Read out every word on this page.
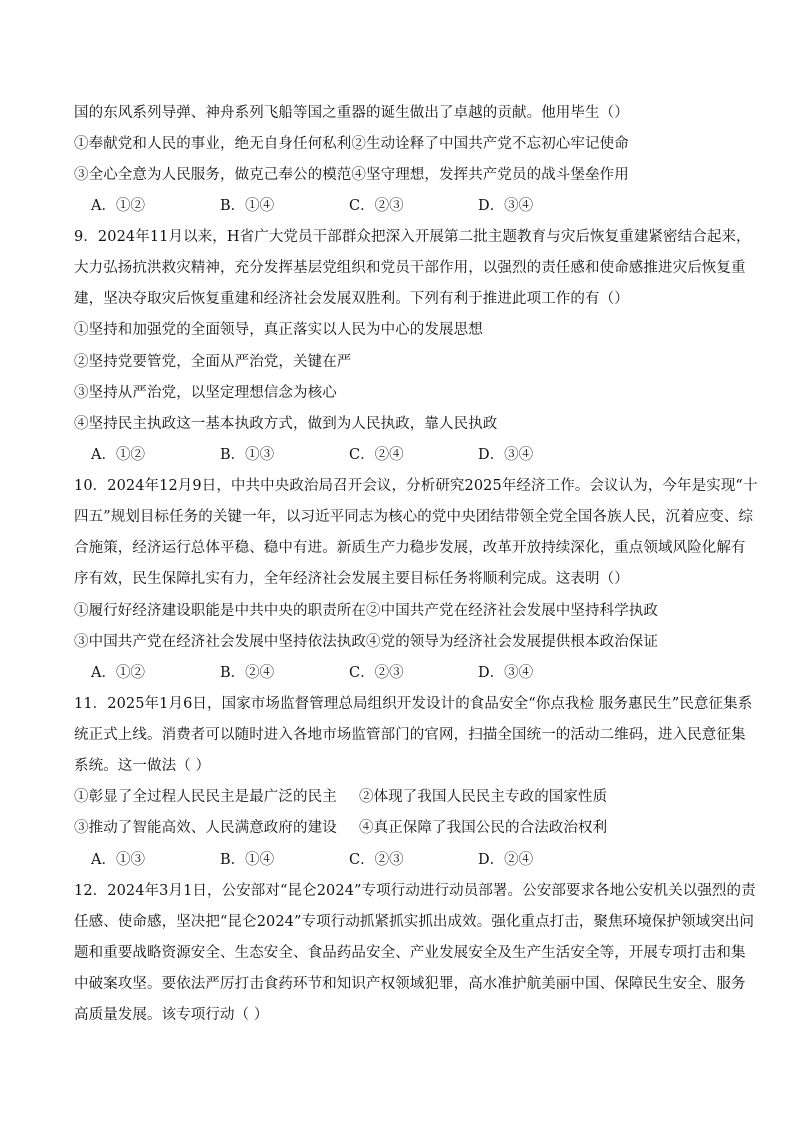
国的东风系列导弹、神舟系列飞船等国之重器的诞生做出了卓越的贡献。他用毕生（）
①奉献党和人民的事业，绝无自身任何私利②生动诠释了中国共产党不忘初心牢记使命
③全心全意为人民服务，做克己奉公的模范④坚守理想，发挥共产党员的战斗堡垒作用
A．①②	B．①④	C．②③	D．③④
9．2024年11月以来，H省广大党员干部群众把深入开展第二批主题教育与灾后恢复重建紧密结合起来，
大力弘扬抗洪救灾精神，充分发挥基层党组织和党员干部作用，以强烈的责任感和使命感推进灾后恢复重
建，坚决夺取灾后恢复重建和经济社会发展双胜利。下列有利于推进此项工作的有（）
①坚持和加强党的全面领导，真正落实以人民为中心的发展思想
②坚持党要管党，全面从严治党，关键在严
③坚持从严治党，以坚定理想信念为核心
④坚持民主执政这一基本执政方式，做到为人民执政，靠人民执政
A．①②	B．①③	C．②④	D．③④
10．2024年12月9日，中共中央政治局召开会议，分析研究2025年经济工作。会议认为，今年是实现“十
四五”规划目标任务的关键一年，以习近平同志为核心的党中央团结带领全党全国各族人民，沉着应变、综
合施策，经济运行总体平稳、稳中有进。新质生产力稳步发展，改革开放持续深化，重点领域风险化解有
序有效，民生保障扎实有力，全年经济社会发展主要目标任务将顺利完成。这表明（）
①履行好经济建设职能是中共中央的职责所在②中国共产党在经济社会发展中坚持科学执政
③中国共产党在经济社会发展中坚持依法执政④党的领导为经济社会发展提供根本政治保证
A．①②	B．②④	C．②③	D．③④
11．2025年1月6日，国家市场监督管理总局组织开发设计的食品安全“你点我检 服务惠民生”民意征集系
统正式上线。消费者可以随时进入各地市场监管部门的官网，扫描全国统一的活动二维码，进入民意征集
系统。这一做法（ ）
①彰显了全过程人民民主是最广泛的民主 ②体现了我国人民民主专政的国家性质
③推动了智能高效、人民满意政府的建设 ④真正保障了我国公民的合法政治权利
A．①③	B．①④	C．②③	D．②④
12．2024年3月1日，公安部对“昆仑2024”专项行动进行动员部署。公安部要求各地公安机关以强烈的责
任感、使命感，坚决把“昆仑2024”专项行动抓紧抓实抓出成效。强化重点打击，聚焦环境保护领域突出问
题和重要战略资源安全、生态安全、食品药品安全、产业发展安全及生产生活安全等，开展专项打击和集
中破案攻坚。要依法严厉打击食药环节和知识产权领域犯罪，高水准护航美丽中国、保障民生安全、服务
高质量发展。该专项行动（ ）
